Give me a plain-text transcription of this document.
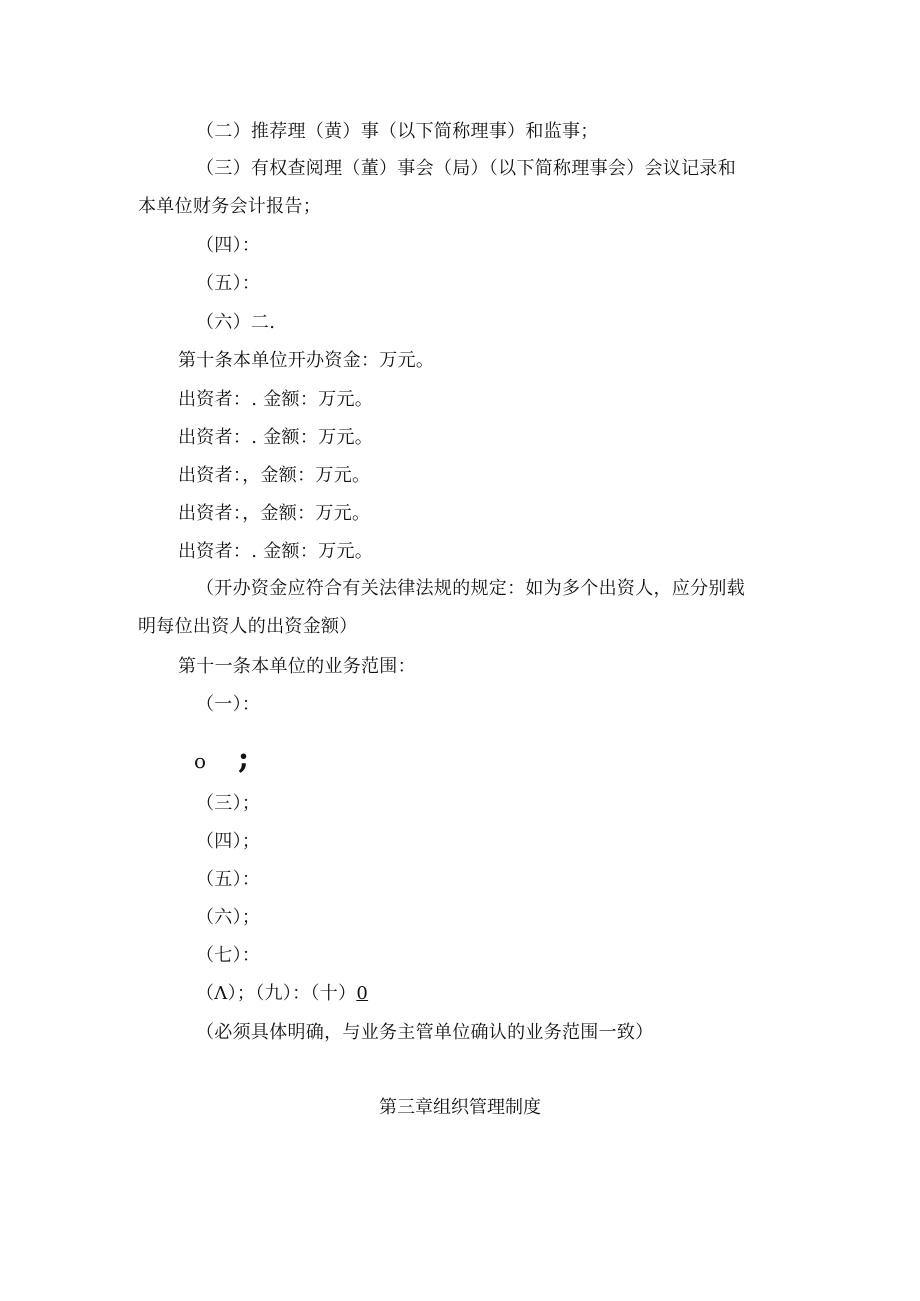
（二）推荐理（黄）事（以下简称理事）和监事；
（三）有权查阅理（董）事会（局）（以下简称理事会）会议记录和
本单位财务会计报告；
（四）：
（五）：
（六）二.
第十条本单位开办资金：万元。
出资者：. 金额：万元。
出资者：. 金额：万元。
出资者：，金额：万元。
出资者：，金额：万元。
出资者：. 金额：万元。
（开办资金应符合有关法律法规的规定：如为多个出资人，应分别载
明每位出资人的出资金额）
第十一条本单位的业务范围：
（一）：
o ;
（三）；
（四）；
（五）：
（六）；
（七）：
（Λ）；（九）：（十）0
（必须具体明确，与业务主管单位确认的业务范围一致）
第三章组织管理制度
